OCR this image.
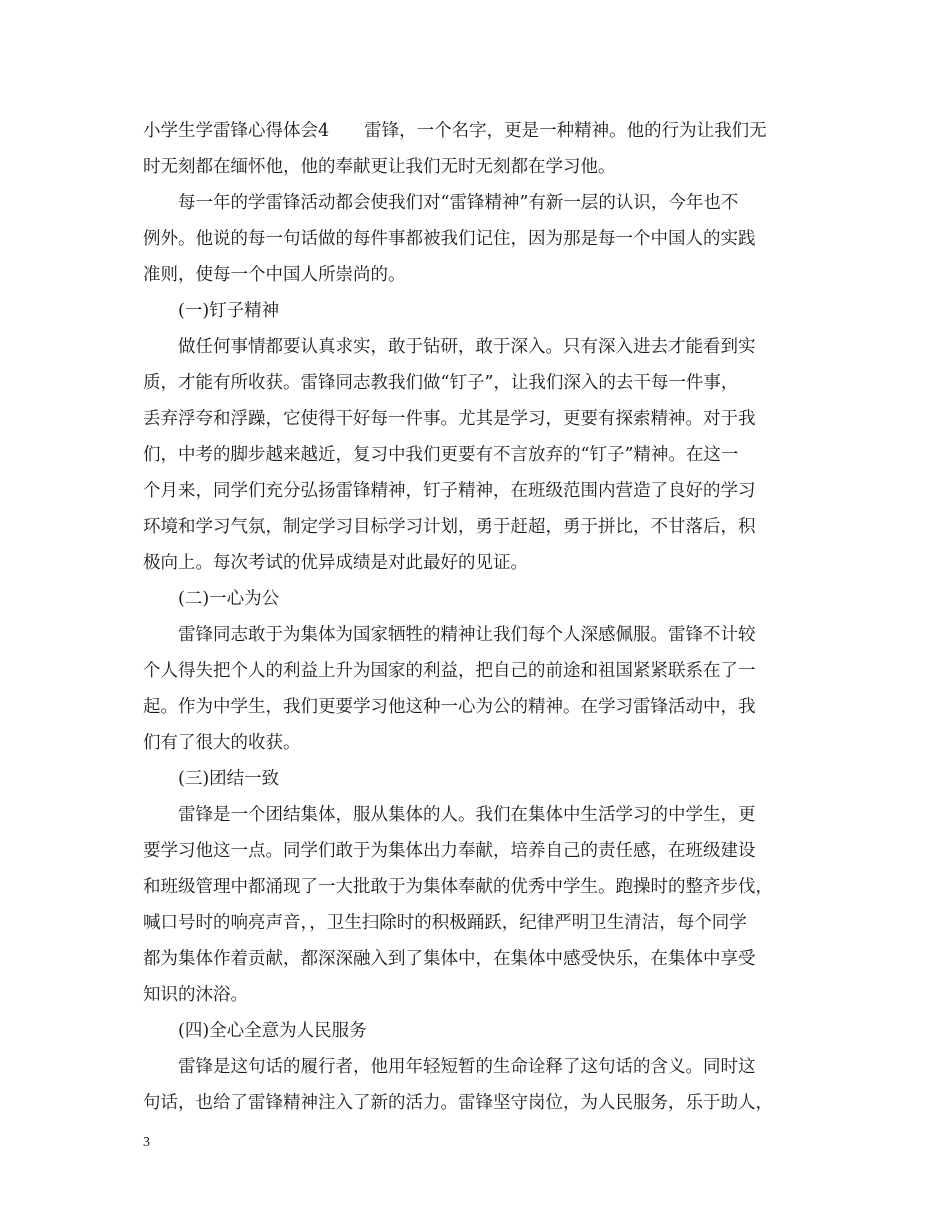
小学生学雷锋心得体会4　　雷锋，一个名字，更是一种精神。他的行为让我们无
时无刻都在缅怀他，他的奉献更让我们无时无刻都在学习他。
每一年的学雷锋活动都会使我们对“雷锋精神”有新一层的认识，今年也不
例外。他说的每一句话做的每件事都被我们记住，因为那是每一个中国人的实践
准则，使每一个中国人所崇尚的。
(一)钉子精神
做任何事情都要认真求实，敢于钻研，敢于深入。只有深入进去才能看到实
质，才能有所收获。雷锋同志教我们做“钉子”，让我们深入的去干每一件事，
丢弃浮夸和浮躁，它使得干好每一件事。尤其是学习，更要有探索精神。对于我
们，中考的脚步越来越近，复习中我们更要有不言放弃的“钉子”精神。在这一
个月来，同学们充分弘扬雷锋精神，钉子精神，在班级范围内营造了良好的学习
环境和学习气氛，制定学习目标学习计划，勇于赶超，勇于拼比，不甘落后，积
极向上。每次考试的优异成绩是对此最好的见证。
(二)一心为公
雷锋同志敢于为集体为国家牺牲的精神让我们每个人深感佩服。雷锋不计较
个人得失把个人的利益上升为国家的利益，把自己的前途和祖国紧紧联系在了一
起。作为中学生，我们更要学习他这种一心为公的精神。在学习雷锋活动中，我
们有了很大的收获。
(三)团结一致
雷锋是一个团结集体，服从集体的人。我们在集体中生活学习的中学生，更
要学习他这一点。同学们敢于为集体出力奉献，培养自己的责任感，在班级建设
和班级管理中都涌现了一大批敢于为集体奉献的优秀中学生。跑操时的整齐步伐，
喊口号时的响亮声音，，卫生扫除时的积极踊跃，纪律严明卫生清洁，每个同学
都为集体作着贡献，都深深融入到了集体中，在集体中感受快乐，在集体中享受
知识的沐浴。
(四)全心全意为人民服务
雷锋是这句话的履行者，他用年轻短暂的生命诠释了这句话的含义。同时这
句话，也给了雷锋精神注入了新的活力。雷锋坚守岗位，为人民服务，乐于助人，
3
